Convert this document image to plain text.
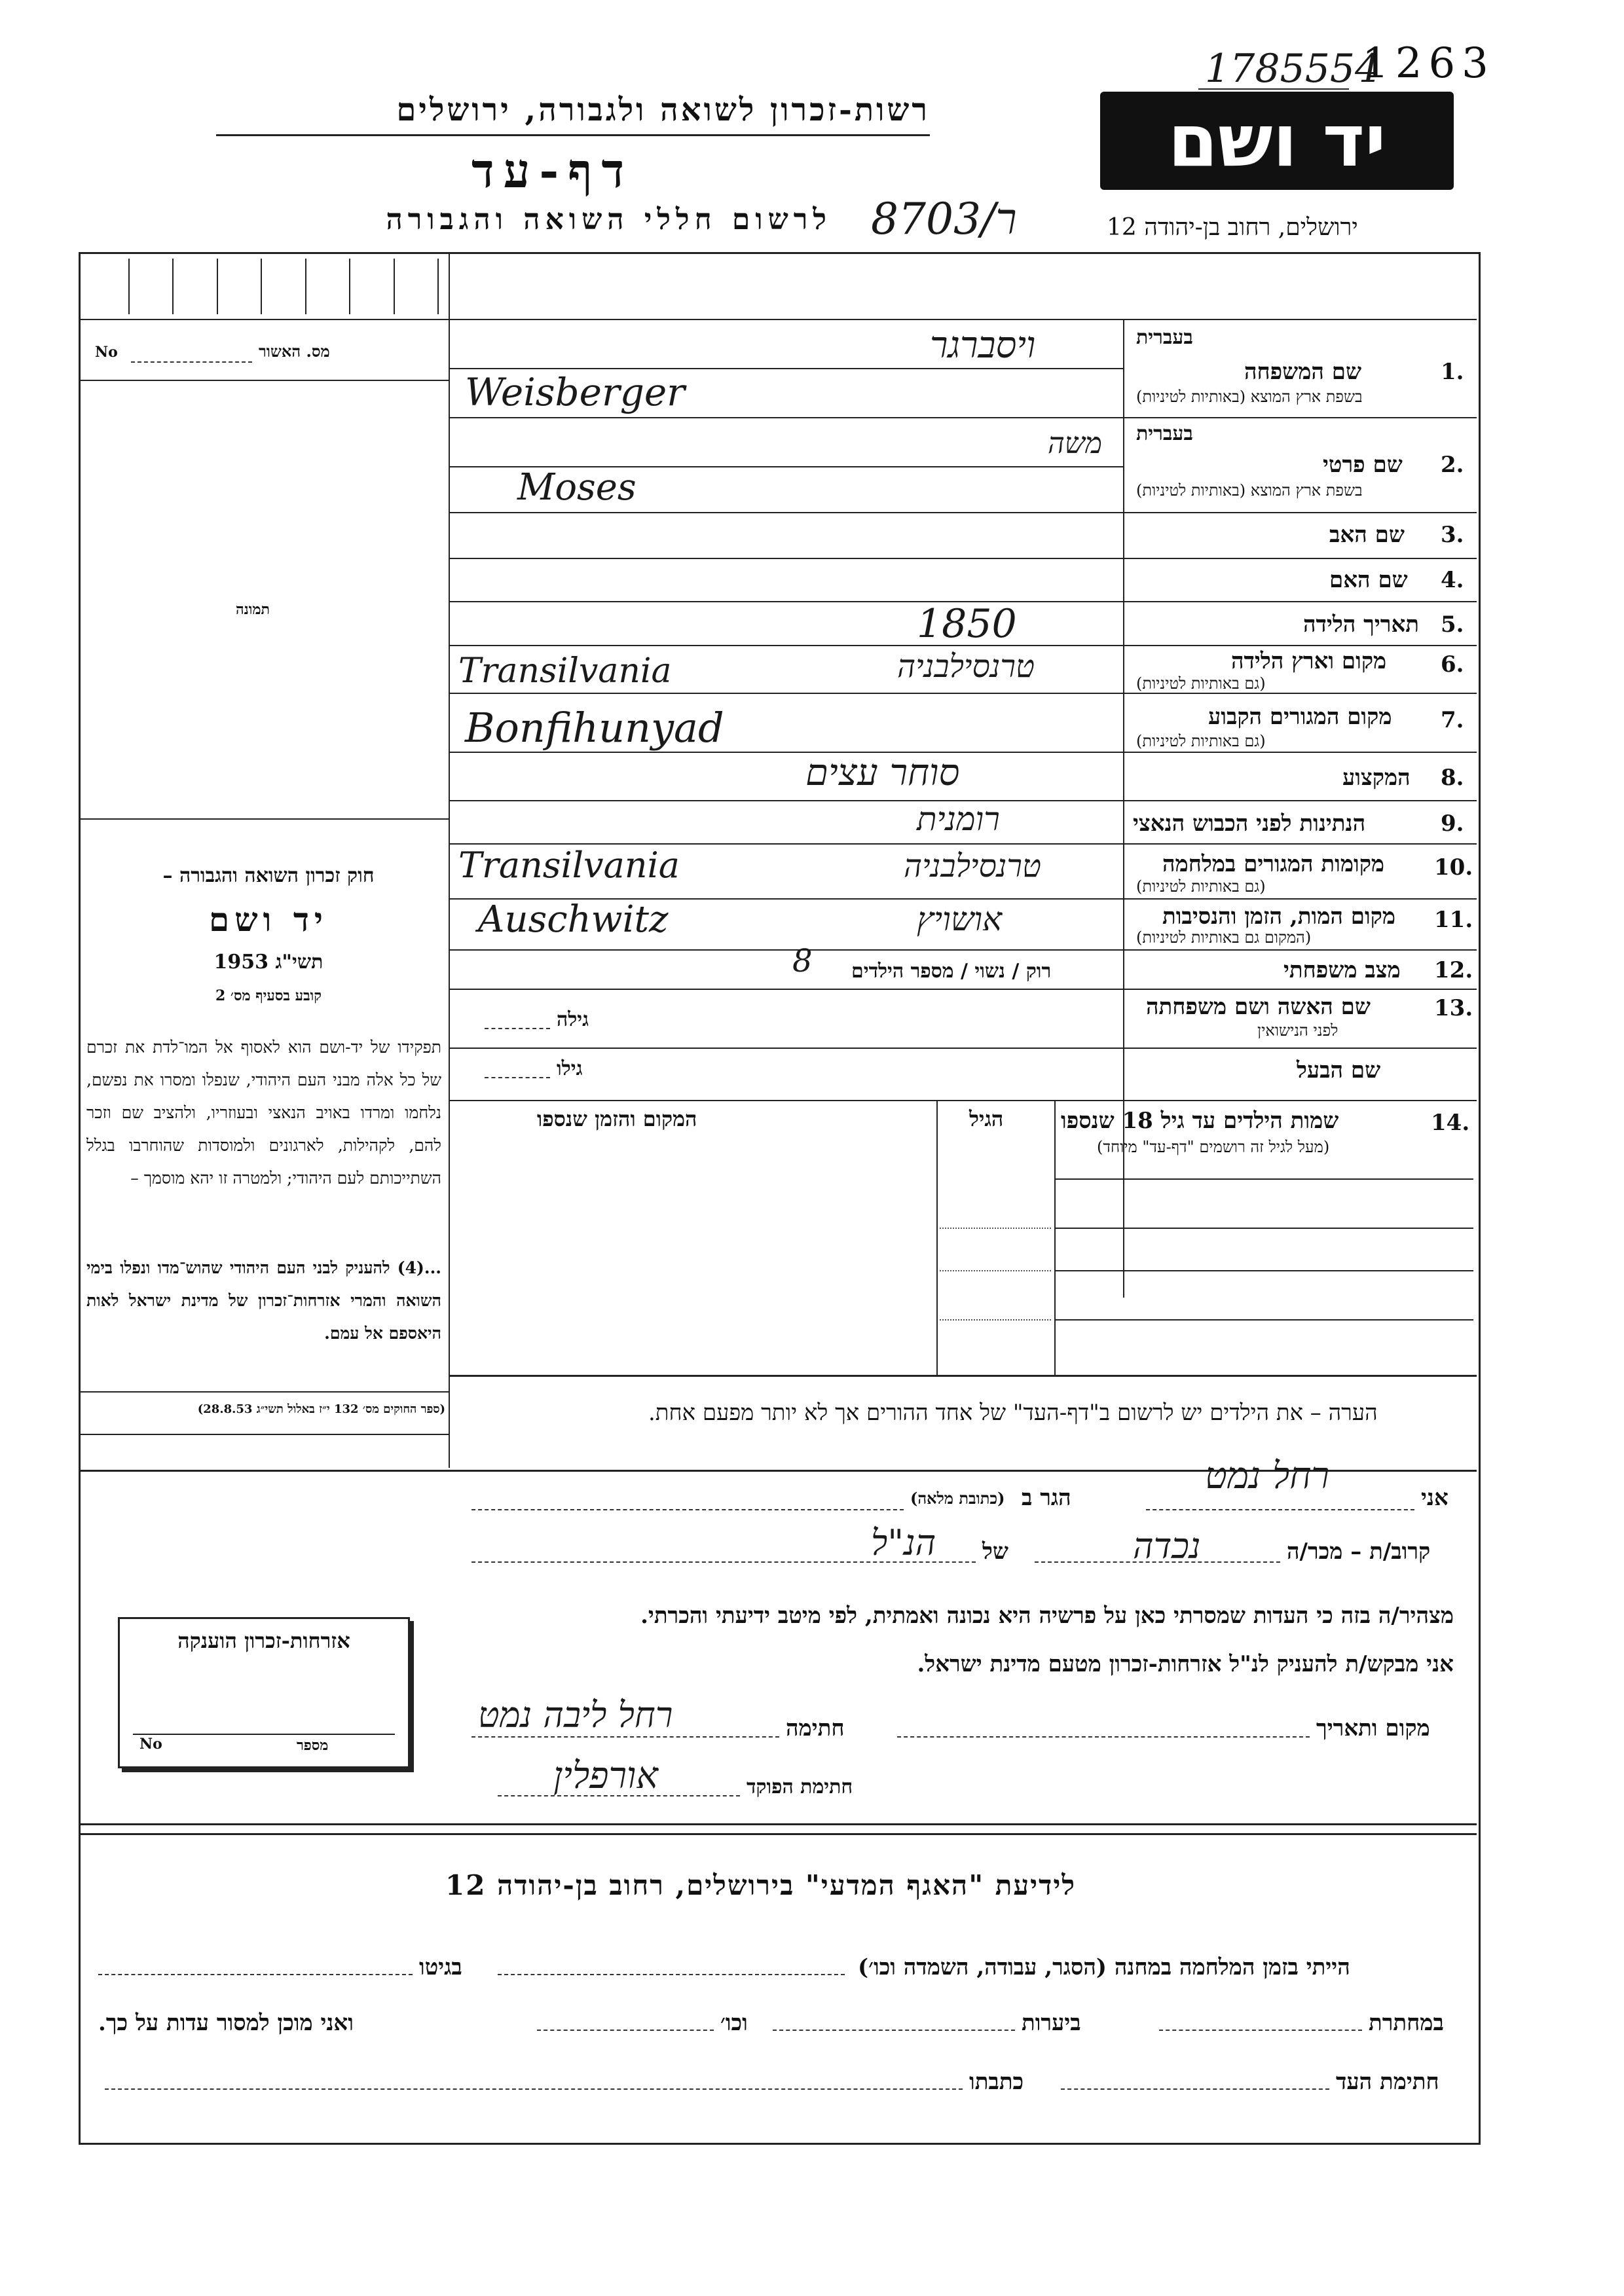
1785554
1263
יד ושם
רשות-זכרון לשואה ולגבורה, ירושלים
דף-עד
לרשום חללי השואה והגבורה 8703/ר	ירושלים, רחוב בן-יהודה 12
מס. האשור
No
תמונה
בעברית
ויסברגר
1.
שם המשפחה
בשפת ארץ המוצא (באותיות לטיניות)
Weisberger
בעברית
משה
2.
שם פרטי
בשפת ארץ המוצא (באותיות לטיניות)
Moses
3.
שם האב
4.
שם האם
5.
תאריך הלידה
1850
6.
מקום וארץ הלידה
(גם באותיות לטיניות)
טרנסילבניה
Transilvania
7.
מקום המגורים הקבוע
(גם באותיות לטיניות)
Bonfihunyad
8.
המקצוע
סוחר עצים
9.
הנתינות לפני הכבוש הנאצי
רומנית
10.
מקומות המגורים במלחמה
(גם באותיות לטיניות)
טרנסילבניה
Transilvania
11.
מקום המות, הזמן והנסיבות
(המקום גם באותיות לטיניות)
אושויץ
Auschwitz
12.
מצב משפחתי
רוק / נשוי / מספר הילדים
8
13.
שם האשה ושם משפחתה
לפני הנישואין
גילה
שם הבעל
גילו
14.
שמות הילדים עד גיל 18 שנספו
(מעל לגיל זה רושמים "דף-עד" מיוחד)
הגיל
המקום והזמן שנספו
חוק זכרון השואה והגבורה –
יד ושם
תשי"ג 1953
קובע בסעיף מס׳ 2
תפקידו של יד-ושם הוא לאסוף אל המו־לדת את זכרם של כל אלה מבני העם היהודי, שנפלו ומסרו את נפשם, נלחמו ומרדו באויב הנאצי ובעוזריו, ולהציב שם וזכר להם, לקהילות, לארגונים ולמוסדות שהוחרבו בגלל השתייכותם לעם היהודי; ולמטרה זו יהא מוסמך –
...(4) להעניק לבני העם היהודי שהוש־מדו ונפלו בימי השואה והמרי אזרחות־זכרון של מדינת ישראל לאות היאספם אל עמם.
(ספר החוקים מס׳ 132 י״ז באלול תשי״ג 28.8.53)	הערה – את הילדים יש לרשום ב"דף-העד" של אחד ההורים אך לא יותר מפעם אחת.
אני
רחל נמט
הגר ב
(כתובת מלאה)
קרוב/ת – מכר/ה
נכדה
של
הנ"ל
מצהיר/ה בזה כי העדות שמסרתי כאן על פרשיה היא נכונה ואמתית, לפי מיטב ידיעתי והכרתי.
אני מבקש/ת להעניק לנ"ל אזרחות-זכרון מטעם מדינת ישראל.
מקום ותאריך
חתימה
רחל ליבה נמט
חתימת הפוקד
אורפלין
אזרחות-זכרון הוענקה
מספר
No
לידיעת "האגף המדעי" בירושלים, רחוב בן-יהודה 12
הייתי בזמן המלחמה במחנה (הסגר, עבודה, השמדה וכו׳)
בגיטו
במחתרת
ביערות
וכו׳
ואני מוכן למסור עדות על כך.
חתימת העד
כתבתו
